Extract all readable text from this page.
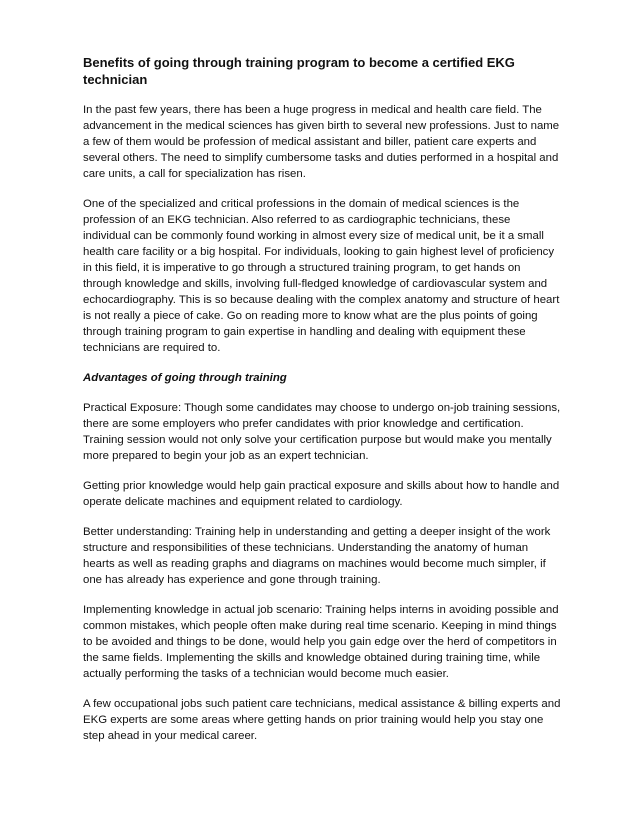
Benefits of going through training program to become a certified EKG technician

In the past few years, there has been a huge progress in medical and health care field. The advancement in the medical sciences has given birth to several new professions. Just to name a few of them would be profession of medical assistant and biller, patient care experts and several others. The need to simplify cumbersome tasks and duties performed in a hospital and care units, a call for specialization has risen.

One of the specialized and critical professions in the domain of medical sciences is the profession of an EKG technician. Also referred to as cardiographic technicians, these individual can be commonly found working in almost every size of medical unit, be it a small health care facility or a big hospital. For individuals, looking to gain highest level of proficiency in this field, it is imperative to go through a structured training program, to get hands on through knowledge and skills, involving full-fledged knowledge of cardiovascular system and echocardiography. This is so because dealing with the complex anatomy and structure of heart is not really a piece of cake. Go on reading more to know what are the plus points of going through training program to gain expertise in handling and dealing with equipment these technicians are required to.

Advantages of going through training

Practical Exposure: Though some candidates may choose to undergo on-job training sessions, there are some employers who prefer candidates with prior knowledge and certification. Training session would not only solve your certification purpose but would make you mentally more prepared to begin your job as an expert technician.

Getting prior knowledge would help gain practical exposure and skills about how to handle and operate delicate machines and equipment related to cardiology.

Better understanding: Training help in understanding and getting a deeper insight of the work structure and responsibilities of these technicians. Understanding the anatomy of human hearts as well as reading graphs and diagrams on machines would become much simpler, if one has already has experience and gone through training.

Implementing knowledge in actual job scenario: Training helps interns in avoiding possible and common mistakes, which people often make during real time scenario. Keeping in mind things to be avoided and things to be done, would help you gain edge over the herd of competitors in the same fields. Implementing the skills and knowledge obtained during training time, while actually performing the tasks of a technician would become much easier.

A few occupational jobs such patient care technicians, medical assistance & billing experts and EKG experts are some areas where getting hands on prior training would help you stay one step ahead in your medical career.
